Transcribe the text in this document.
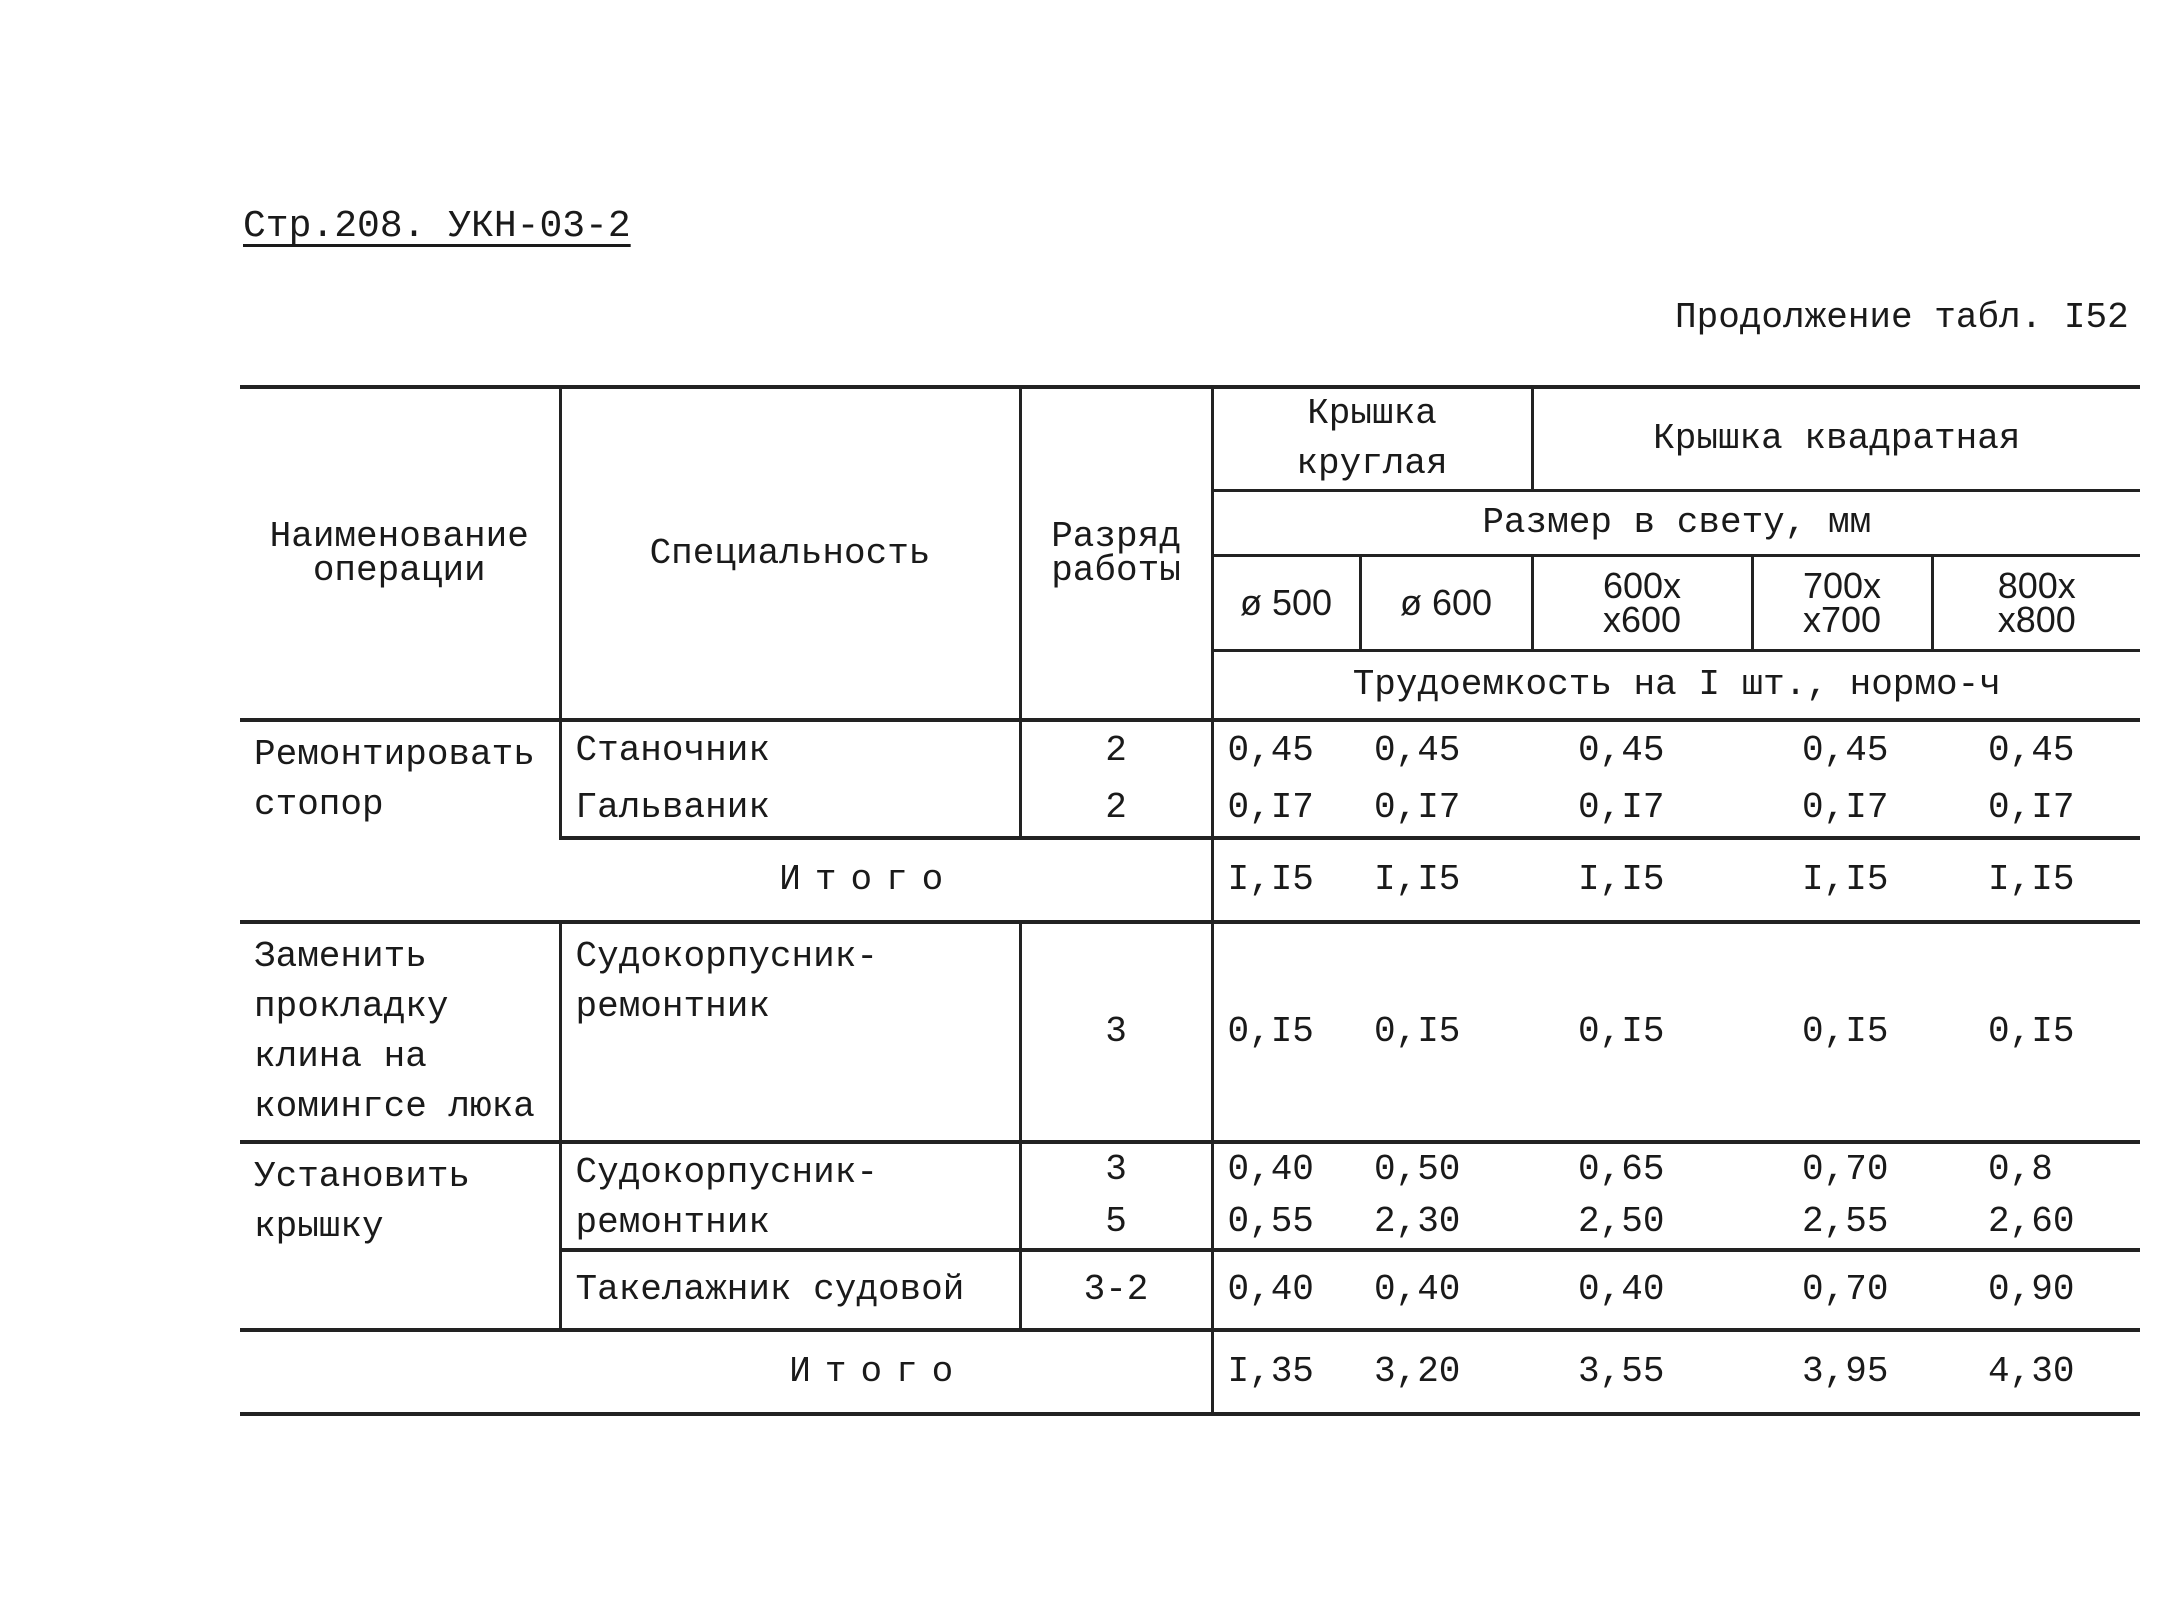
Стр.208. УКН-03-2
Продолжение табл. I52
Наименование операции	Специальность	Разряд работы	Крышка круглая		Крышка квадратная		
			Размер в свету, мм				
			ø 500	ø 600	600х х600	700х х700	800х х800
			Трудоемкость на I шт., нормо-ч				
Ремонтировать стопор	Станочник	2	0,45	0,45	0,45	0,45	0,45
	Гальваник	2	0,I7	0,I7	0,I7	0,I7	0,I7
Итого			I,I5	I,I5	I,I5	I,I5	I,I5
Заменить прокладку клина на комингсе люка	Судокорпусник-ремонтник	3	0,I5	0,I5	0,I5	0,I5	0,I5
Установить крышку	Судокорпусник-ремонтник	3	0,40	0,50	0,65	0,70	0,8
		5	0,55	2,30	2,50	2,55	2,60
	Такелажник судовой	3-2	0,40	0,40	0,40	0,70	0,90
Итого			I,35	3,20	3,55	3,95	4,30
